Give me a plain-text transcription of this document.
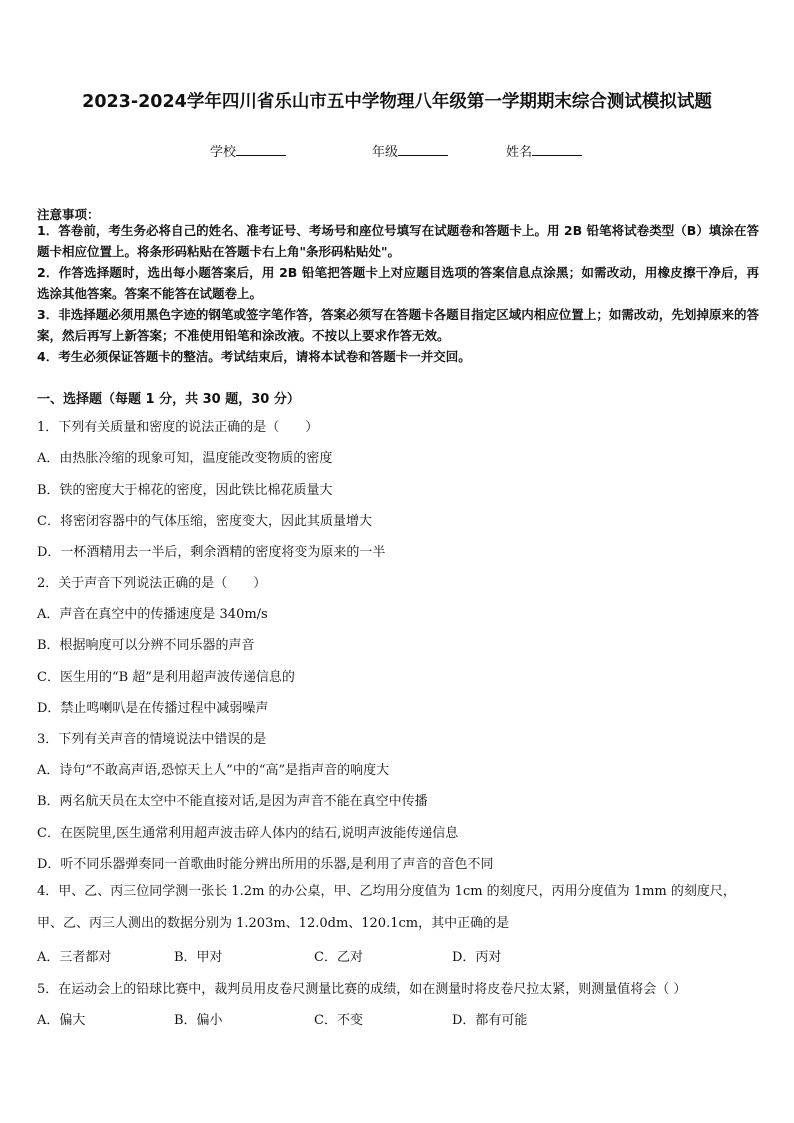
2023-2024学年四川省乐山市五中学物理八年级第一学期期末综合测试模拟试题
学校	年级	姓名
注意事项：

1．答卷前，考生务必将自己的姓名、准考证号、考场号和座位号填写在试题卷和答题卡上。用 2B 铅笔将试卷类型（B）填涂在答题卡相应位置上。将条形码粘贴在答题卡右上角"条形码粘贴处"。

2．作答选择题时，选出每小题答案后，用 2B 铅笔把答题卡上对应题目选项的答案信息点涂黑；如需改动，用橡皮擦干净后，再选涂其他答案。答案不能答在试题卷上。

3．非选择题必须用黑色字迹的钢笔或签字笔作答，答案必须写在答题卡各题目指定区域内相应位置上；如需改动，先划掉原来的答案，然后再写上新答案；不准使用铅笔和涂改液。不按以上要求作答无效。

4．考生必须保证答题卡的整洁。考试结束后，请将本试卷和答题卡一并交回。

一、选择题（每题 1 分，共 30 题，30 分）
1．下列有关质量和密度的说法正确的是（　　）
A．由热胀冷缩的现象可知，温度能改变物质的密度
B．铁的密度大于棉花的密度，因此铁比棉花质量大
C．将密闭容器中的气体压缩，密度变大，因此其质量增大
D．一杯酒精用去一半后，剩余酒精的密度将变为原来的一半
2．关于声音下列说法正确的是（　　）
A．声音在真空中的传播速度是 340m/s
B．根据响度可以分辨不同乐器的声音
C．医生用的“B 超”是利用超声波传递信息的
D．禁止鸣喇叭是在传播过程中减弱噪声
3．下列有关声音的情境说法中错误的是
A．诗句“不敢高声语,恐惊天上人”中的“高”是指声音的响度大
B．两名航天员在太空中不能直接对话,是因为声音不能在真空中传播
C．在医院里,医生通常利用超声波击碎人体内的结石,说明声波能传递信息
D．听不同乐器弹奏同一首歌曲时能分辨出所用的乐器,是利用了声音的音色不同
4．甲、乙、丙三位同学测一张长 1.2m 的办公桌，甲、乙均用分度值为 1cm 的刻度尺，丙用分度值为 1mm 的刻度尺，甲、乙、丙三人测出的数据分别为 1.203m、12.0dm、120.1cm，其中正确的是
A．三者都对	B．甲对	C．乙对	D．丙对
5．在运动会上的铅球比赛中，裁判员用皮卷尺测量比赛的成绩，如在测量时将皮卷尺拉太紧，则测量值将会（ ）
A．偏大	B．偏小	C．不变	D．都有可能
